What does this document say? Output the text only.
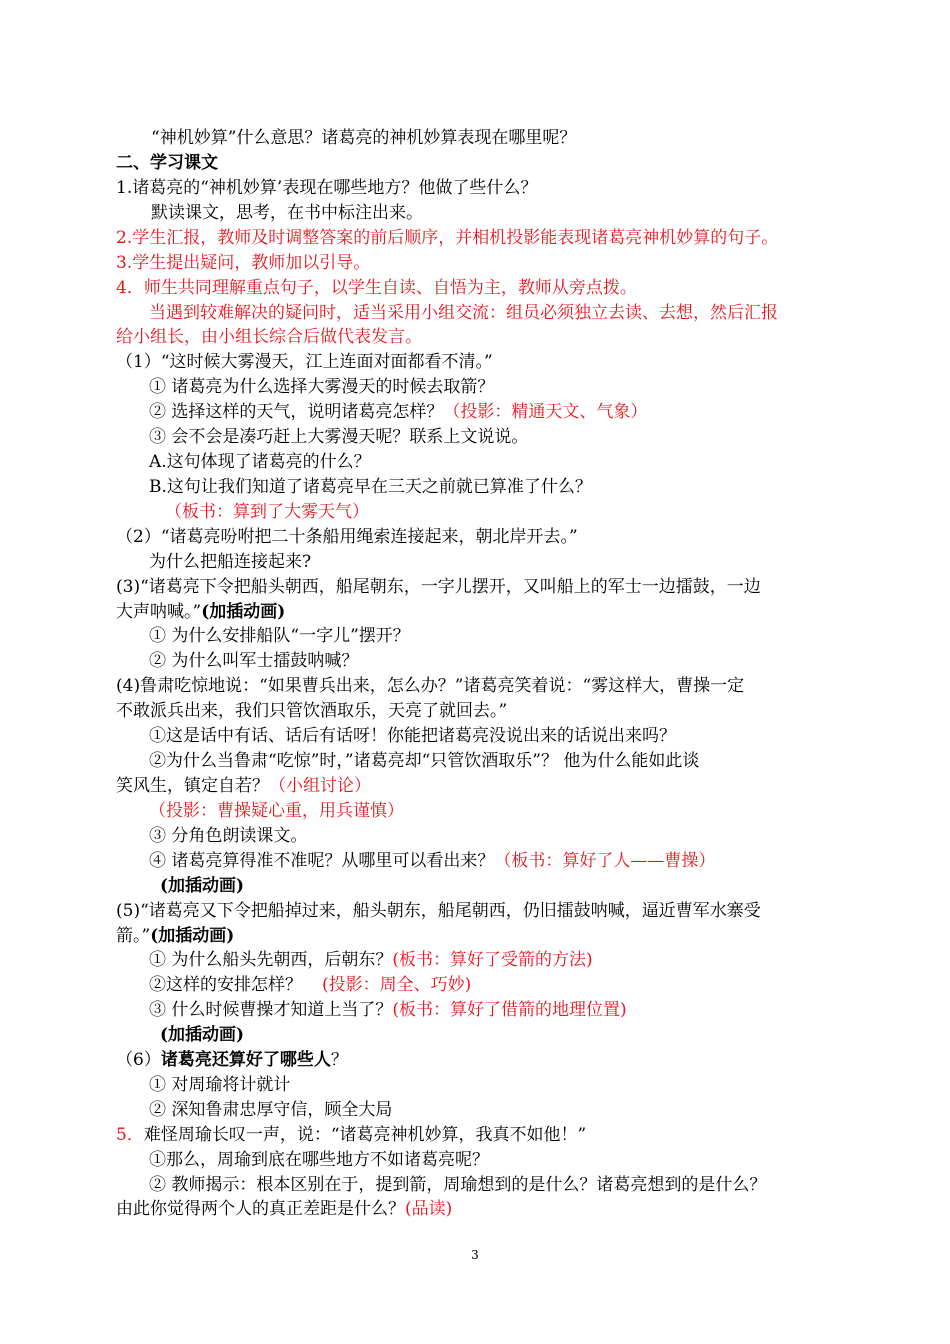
“神机妙算”什么意思？诸葛亮的神机妙算表现在哪里呢？
二、学习课文
1.诸葛亮的“神机妙算’表现在哪些地方？他做了些什么？
默读课文，思考，在书中标注出来。
2.学生汇报，教师及时调整答案的前后顺序，并相机投影能表现诸葛亮神机妙算的句子。
3.学生提出疑问，教师加以引导。
4．师生共同理解重点句子，以学生自读、自悟为主，教师从旁点拨。
当遇到较难解决的疑问时，适当采用小组交流：组员必须独立去读、去想，然后汇报
给小组长，由小组长综合后做代表发言。
（1）“这时候大雾漫天，江上连面对面都看不清。”
① 诸葛亮为什么选择大雾漫天的时候去取箭？
② 选择这样的天气，说明诸葛亮怎样？（投影：精通天文、气象）
③ 会不会是凑巧赶上大雾漫天呢？联系上文说说。
A.这句体现了诸葛亮的什么？
B.这句让我们知道了诸葛亮早在三天之前就已算准了什么？
（板书：算到了大雾天气）
（2）“诸葛亮吩咐把二十条船用绳索连接起来，朝北岸开去。”
为什么把船连接起来?
(3)“诸葛亮下令把船头朝西，船尾朝东，一字儿摆开，又叫船上的军士一边擂鼓，一边
大声呐喊。”(加插动画)
① 为什么安排船队“一字儿”摆开？
② 为什么叫军士擂鼓呐喊？
(4)鲁肃吃惊地说：“如果曹兵出来，怎么办？”诸葛亮笑着说：“雾这样大，曹操一定
不敢派兵出来，我们只管饮酒取乐，天亮了就回去。”
①这是话中有话、话后有话呀！你能把诸葛亮没说出来的话说出来吗？
②为什么当鲁肃“吃惊”时，”诸葛亮却“只管饮酒取乐”？ 他为什么能如此谈
笑风生，镇定自若？（小组讨论）
（投影：曹操疑心重，用兵谨慎）
③ 分角色朗读课文。
④ 诸葛亮算得准不准呢？从哪里可以看出来？（板书：算好了人——曹操）
(加插动画)
(5)“诸葛亮又下令把船掉过来，船头朝东，船尾朝西，仍旧擂鼓呐喊，逼近曹军水寨受
箭。”(加插动画)
① 为什么船头先朝西，后朝东？(板书：算好了受箭的方法)
②这样的安排怎样？ (投影：周全、巧妙)
③ 什么时候曹操才知道上当了？(板书：算好了借箭的地理位置)
(加插动画)
（6）诸葛亮还算好了哪些人？
① 对周瑜将计就计
② 深知鲁肃忠厚守信，顾全大局
5．难怪周瑜长叹一声，说：“诸葛亮神机妙算，我真不如他！”
①那么，周瑜到底在哪些地方不如诸葛亮呢？
② 教师揭示：根本区别在于，提到箭，周瑜想到的是什么？诸葛亮想到的是什么？
由此你觉得两个人的真正差距是什么？(品读)
3
